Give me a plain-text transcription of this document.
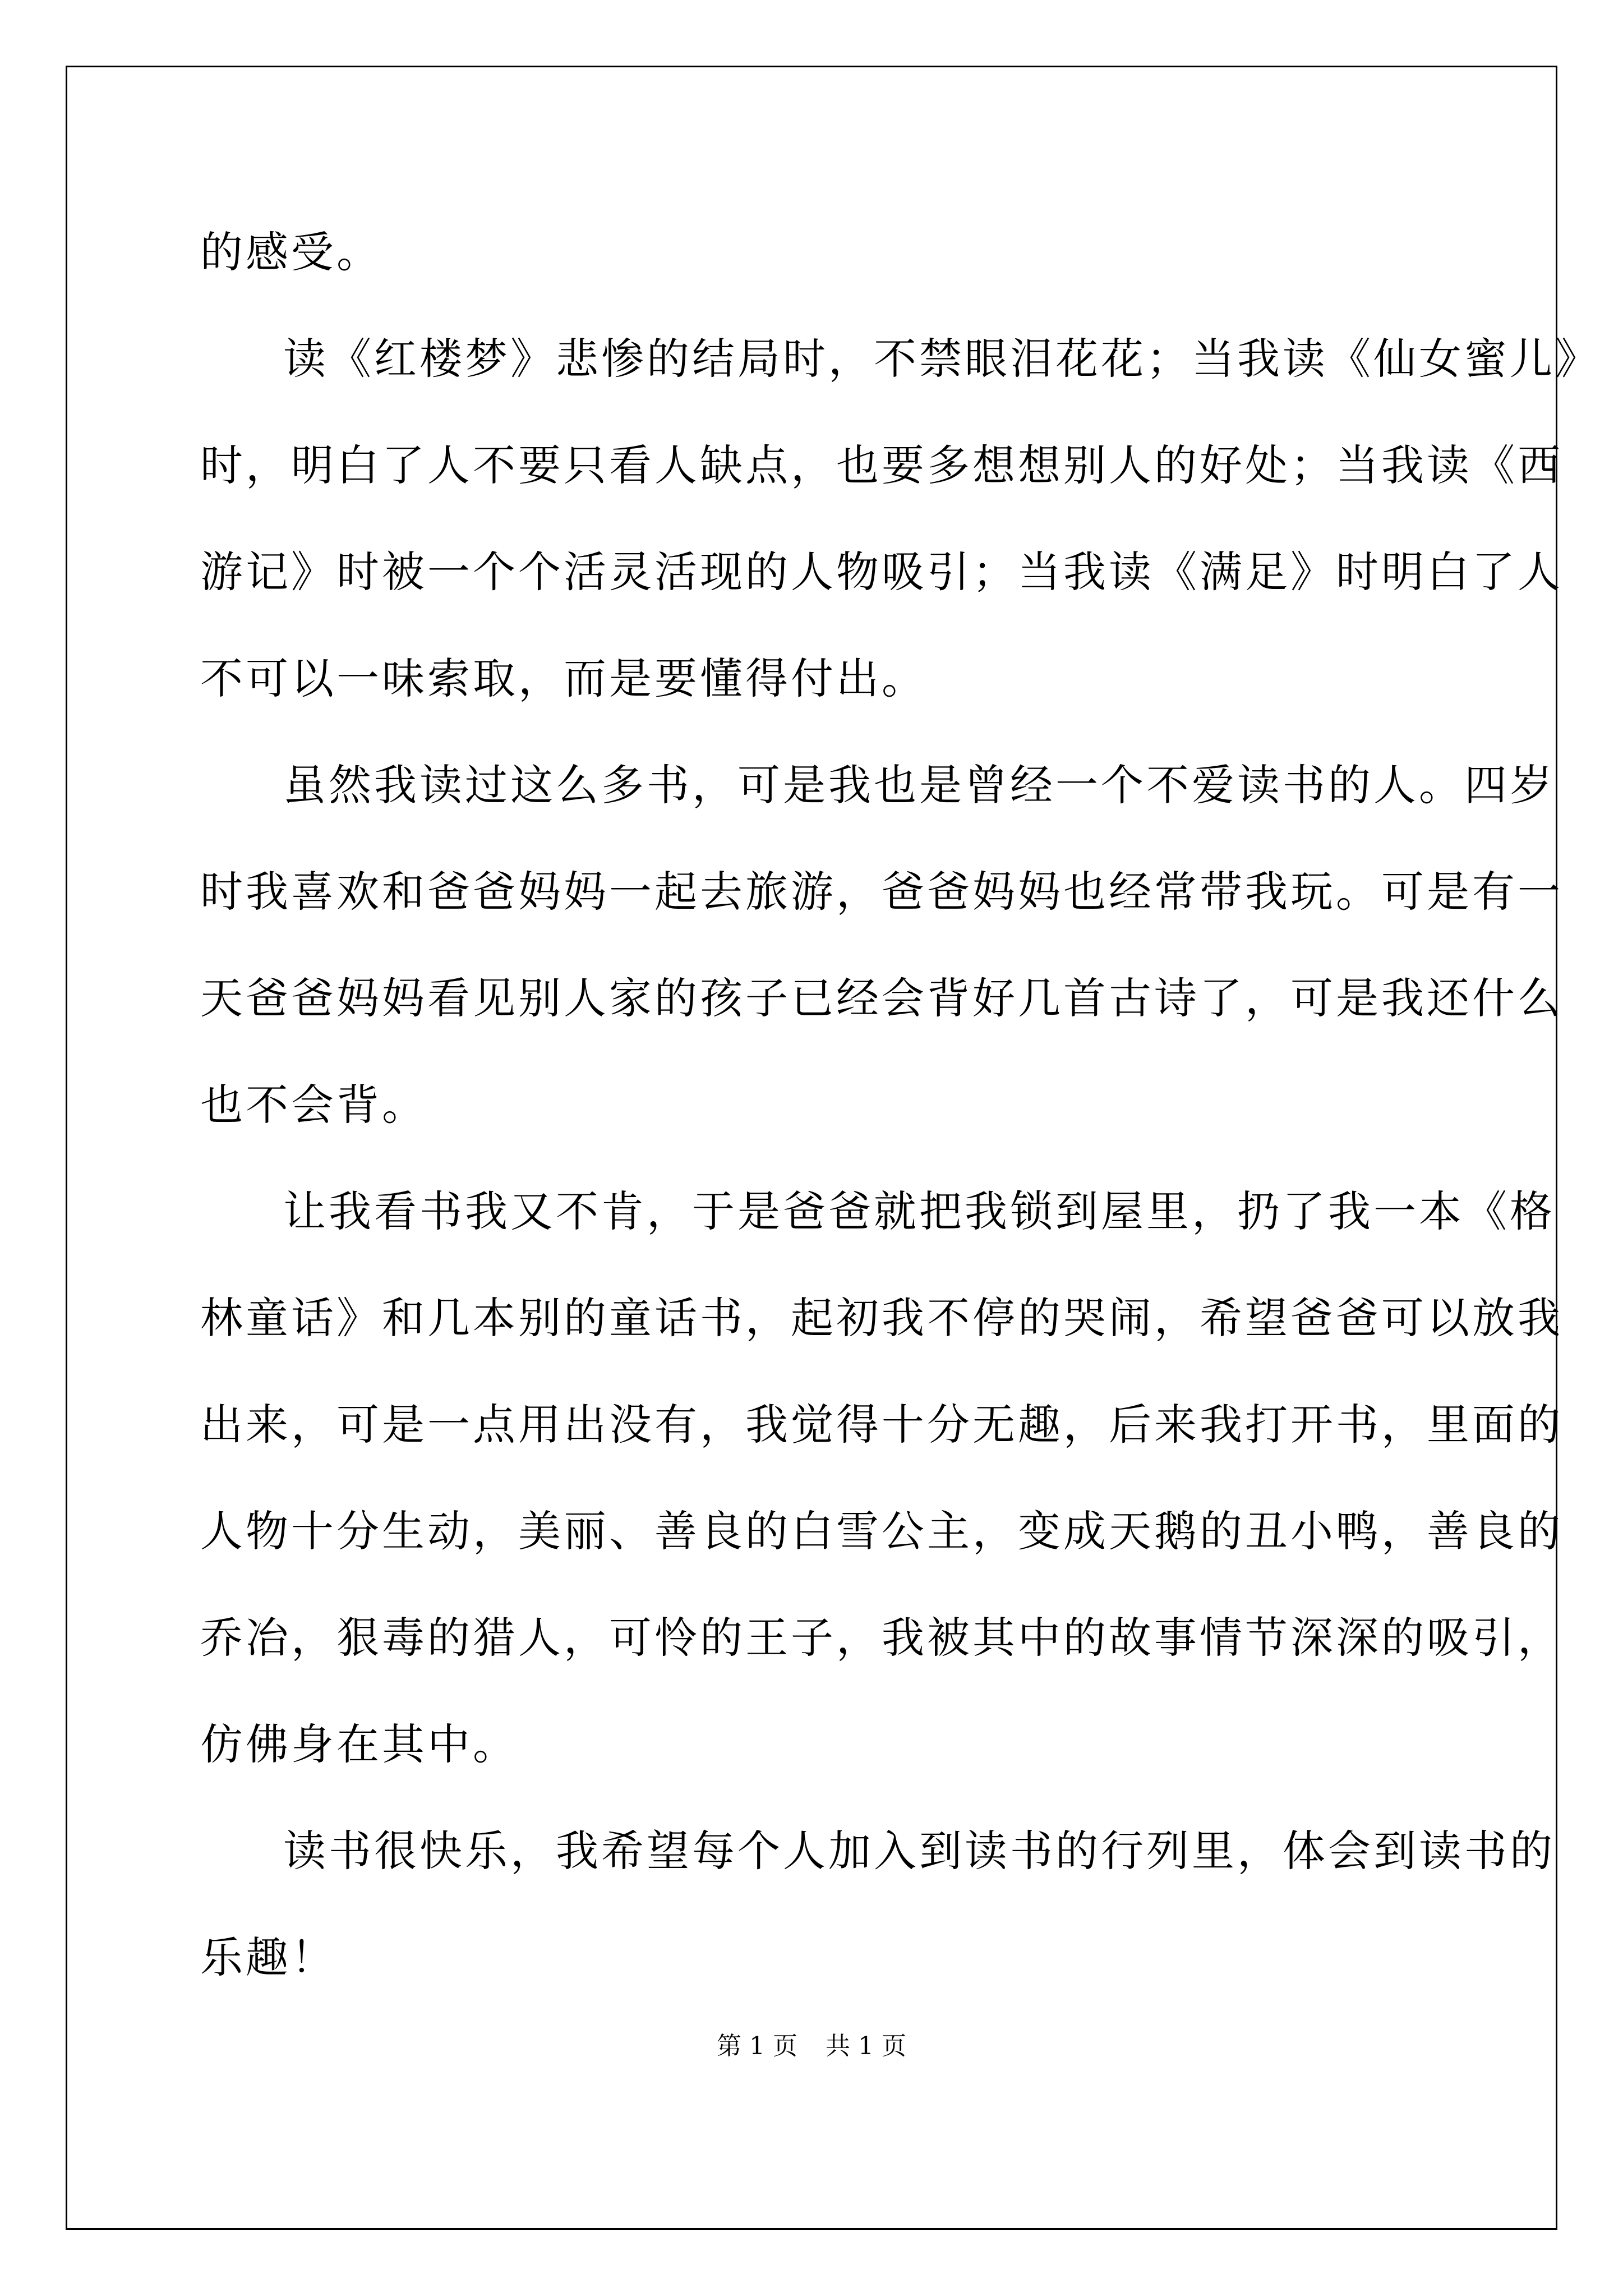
的感受。
读《红楼梦》悲惨的结局时，不禁眼泪花花；当我读《仙女蜜儿》
时，明白了人不要只看人缺点，也要多想想别人的好处；当我读《西
游记》时被一个个活灵活现的人物吸引；当我读《满足》时明白了人
不可以一味索取，而是要懂得付出。
虽然我读过这么多书，可是我也是曾经一个不爱读书的人。四岁
时我喜欢和爸爸妈妈一起去旅游，爸爸妈妈也经常带我玩。可是有一
天爸爸妈妈看见别人家的孩子已经会背好几首古诗了，可是我还什么
也不会背。
让我看书我又不肯，于是爸爸就把我锁到屋里，扔了我一本《格
林童话》和几本别的童话书，起初我不停的哭闹，希望爸爸可以放我
出来，可是一点用出没有，我觉得十分无趣，后来我打开书，里面的
人物十分生动，美丽、善良的白雪公主，变成天鹅的丑小鸭，善良的
乔冶，狠毒的猎人，可怜的王子，我被其中的故事情节深深的吸引，
仿佛身在其中。
读书很快乐，我希望每个人加入到读书的行列里，体会到读书的
乐趣！
第 1 页 共 1 页
